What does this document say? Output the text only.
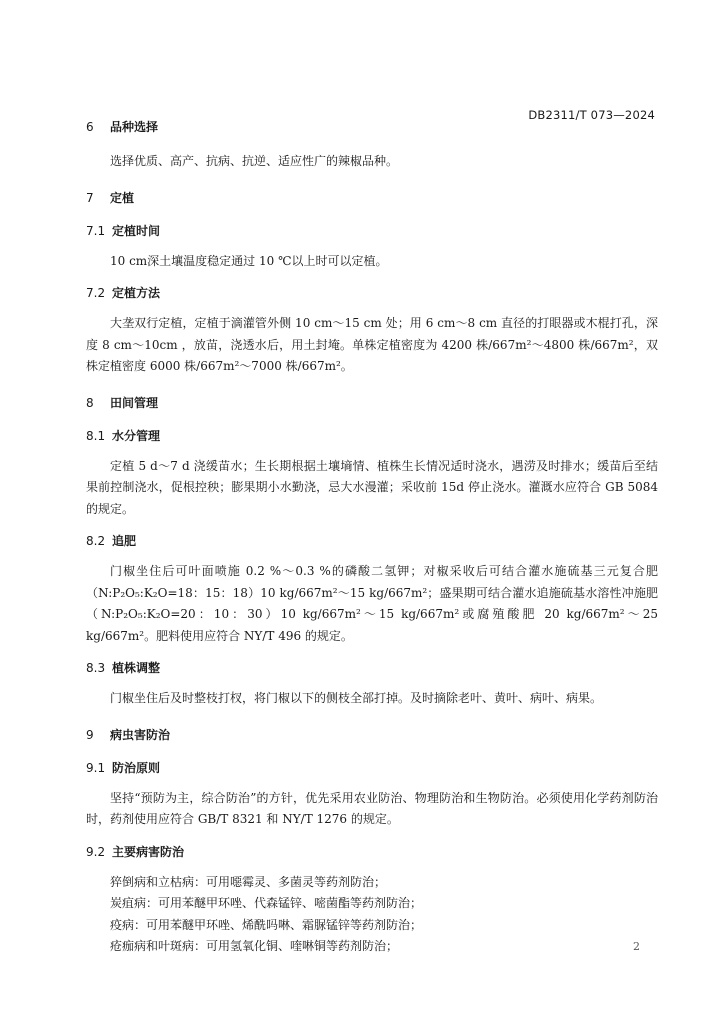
DB2311/T 073—2024
6 品种选择

选择优质、高产、抗病、抗逆、适应性广的辣椒品种。

7 定植
7.1 定植时间

10 cm深土壤温度稳定通过 10 ℃以上时可以定植。

7.2 定植方法

大垄双行定植，定植于滴灌管外侧 10 cm～15 cm 处；用 6 cm～8 cm 直径的打眼器或木棍打孔，深度 8 cm～10cm ，放苗，浇透水后，用土封埯。单株定植密度为 4200 株/667m²～4800 株/667m²，双株定植密度 6000 株/667m²～7000 株/667m²。

8 田间管理
8.1 水分管理

定植 5 d～7 d 浇缓苗水；生长期根据土壤墒情、植株生长情况适时浇水，遇涝及时排水；缓苗后至结果前控制浇水，促根控秧；膨果期小水勤浇，忌大水漫灌；采收前 15d 停止浇水。灌溉水应符合 GB 5084 的规定。

8.2 追肥

门椒坐住后可叶面喷施 0.2 %～0.3 %的磷酸二氢钾；对椒采收后可结合灌水施硫基三元复合肥（N:P₂O₅:K₂O=18：15：18）10 kg/667m²～15 kg/667m²；盛果期可结合灌水追施硫基水溶性冲施肥（N:P₂O₅:K₂O=20：10：30）10 kg/667m²～15 kg/667m²或腐殖酸肥 20 kg/667m²～25 kg/667m²。肥料使用应符合 NY/T 496 的规定。

8.3 植株调整

门椒坐住后及时整枝打杈，将门椒以下的侧枝全部打掉。及时摘除老叶、黄叶、病叶、病果。

9 病虫害防治
9.1 防治原则

坚持“预防为主，综合防治”的方针，优先采用农业防治、物理防治和生物防治。必须使用化学药剂防治时，药剂使用应符合 GB/T 8321 和 NY/T 1276 的规定。

9.2 主要病害防治

猝倒病和立枯病：可用噁霉灵、多菌灵等药剂防治；

炭疽病：可用苯醚甲环唑、代森锰锌、嘧菌酯等药剂防治；

疫病：可用苯醚甲环唑、烯酰吗啉、霜脲锰锌等药剂防治；

疮痂病和叶斑病：可用氢氧化铜、喹啉铜等药剂防治；	2
